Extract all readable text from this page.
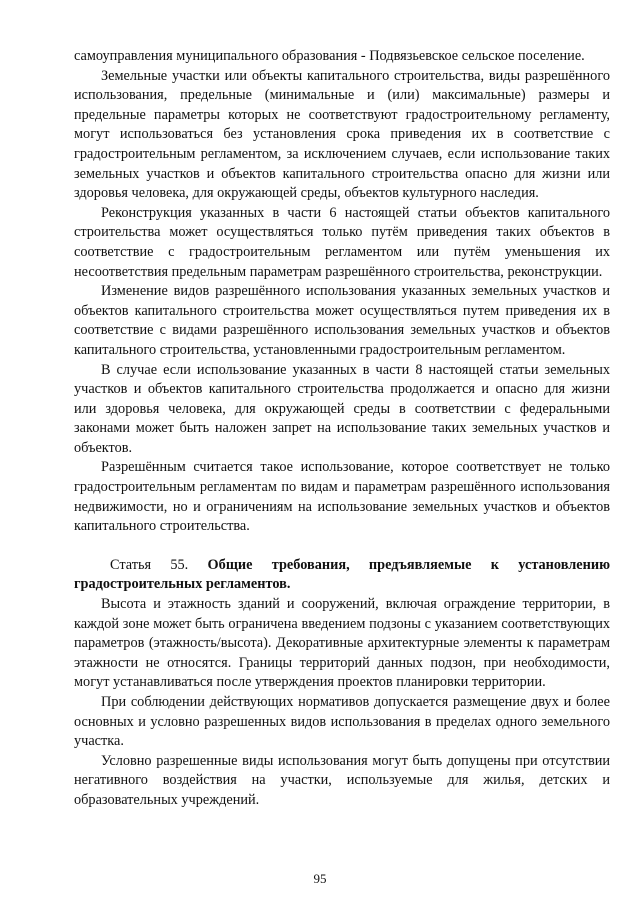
самоуправления муниципального образования - Подвязьевское сельское поселение.

Земельные участки или объекты капитального строительства, виды разрешённого использования, предельные (минимальные и (или) максимальные) размеры и предельные параметры которых не соответствуют градостроительному регламенту, могут использоваться без установления срока приведения их в соответствие с градостроительным регламентом, за исключением случаев, если использование таких земельных участков и объектов капитального строительства опасно для жизни или здоровья человека, для окружающей среды, объектов культурного наследия.

Реконструкция указанных в части 6 настоящей статьи объектов капитального строительства может осуществляться только путём приведения таких объектов в соответствие с градостроительным регламентом или путём уменьшения их несоответствия предельным параметрам разрешённого строительства, реконструкции.

Изменение видов разрешённого использования указанных земельных участков и объектов капитального строительства может осуществляться путем приведения их в соответствие с видами разрешённого использования земельных участков и объектов капитального строительства, установленными градостроительным регламентом.

В случае если использование указанных в части 8 настоящей статьи земельных участков и объектов капитального строительства продолжается и опасно для жизни или здоровья человека, для окружающей среды в соответствии с федеральными законами может быть наложен запрет на использование таких земельных участков и объектов.

Разрешённым считается такое использование, которое соответствует не только градостроительным регламентам по видам и параметрам разрешённого использования недвижимости, но и ограничениям на использование земельных участков и объектов капитального строительства.

Статья 55. Общие требования, предъявляемые к установлению градостроительных регламентов.

Высота и этажность зданий и сооружений, включая ограждение территории, в каждой зоне может быть ограничена введением подзоны с указанием соответствующих параметров (этажность/высота). Декоративные архитектурные элементы к параметрам этажности не относятся. Границы территорий данных подзон, при необходимости, могут устанавливаться после утверждения проектов планировки территории.

При соблюдении действующих нормативов допускается размещение двух и более основных и условно разрешенных видов использования в пределах одного земельного участка.

Условно разрешенные виды использования могут быть допущены при отсутствии негативного воздействия на участки, используемые для жилья, детских и образовательных учреждений.

95
